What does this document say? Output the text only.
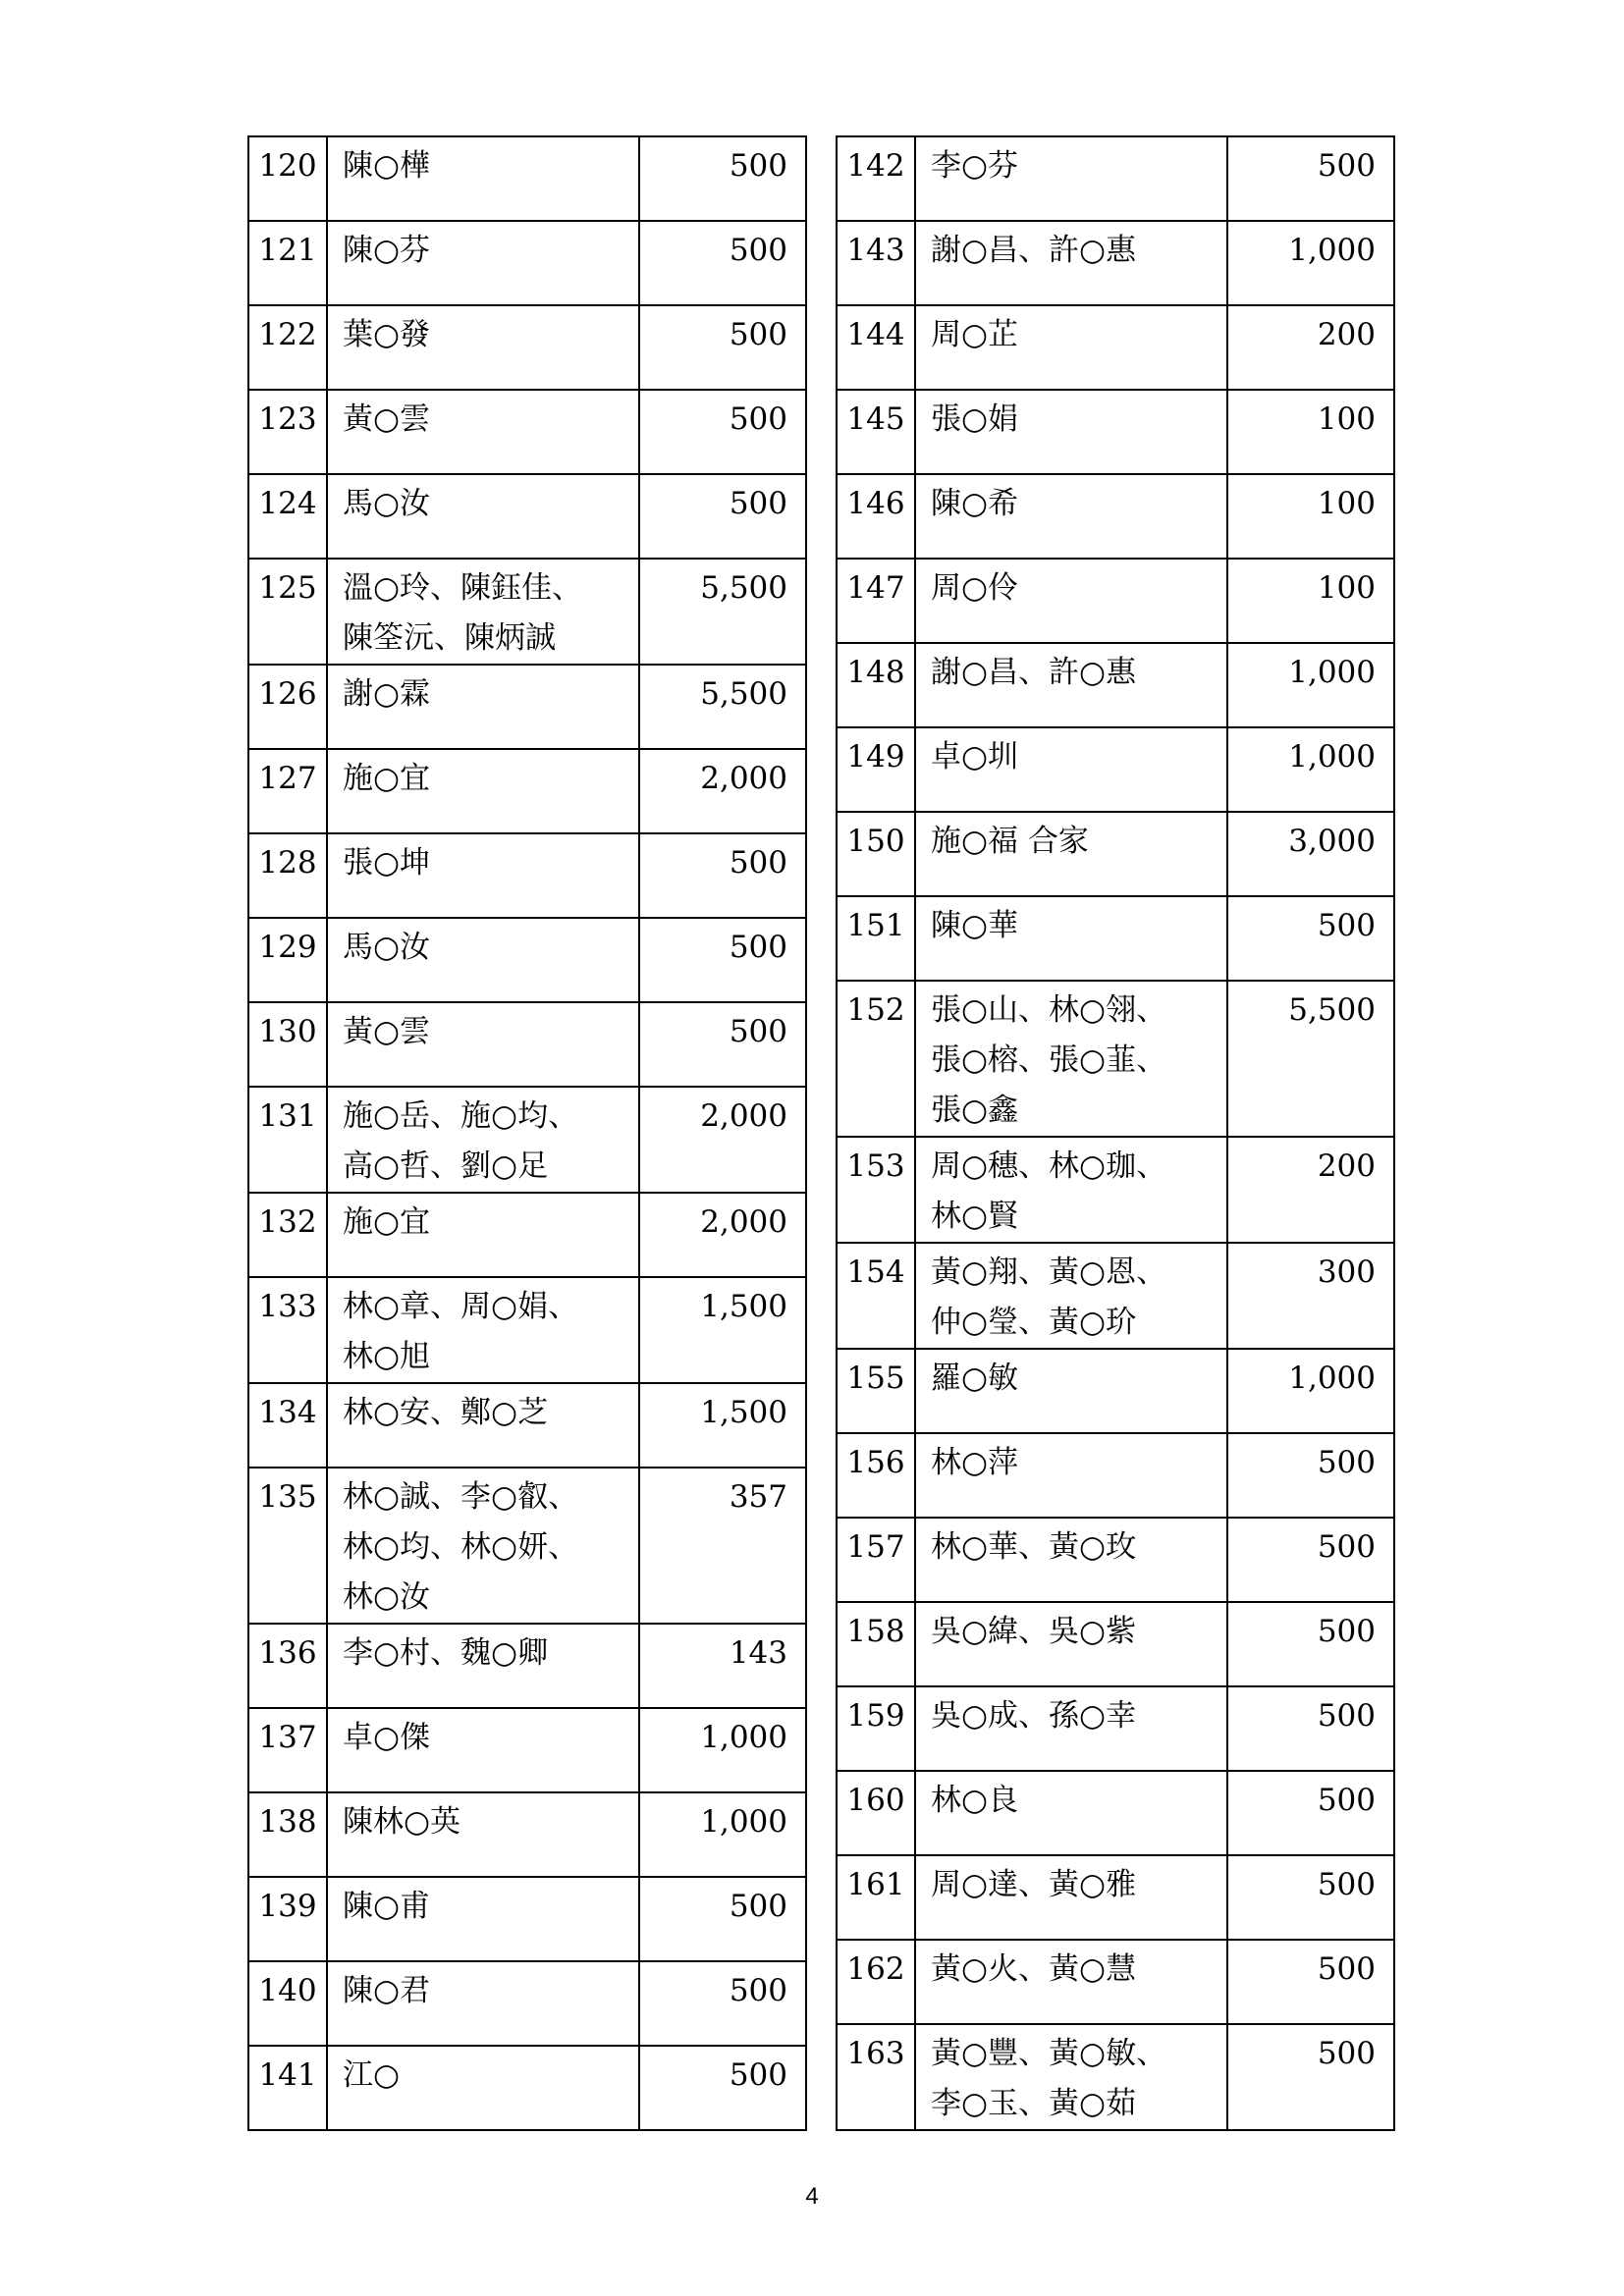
120	陳○樺	500
121	陳○芬	500
122	葉○發	500
123	黃○雲	500
124	馬○汝	500
125	溫○玲、陳鈺佳、
陳筌沅、陳炳誠	5,500
126	謝○霖	5,500
127	施○宜	2,000
128	張○坤	500
129	馬○汝	500
130	黃○雲	500
131	施○岳、施○均、
高○哲、劉○足	2,000
132	施○宜	2,000
133	林○章、周○娟、
林○旭	1,500
134	林○安、鄭○芝	1,500
135	林○誠、李○叡、
林○均、林○妍、
林○汝	357
136	李○村、魏○卿	143
137	卓○傑	1,000
138	陳林○英	1,000
139	陳○甫	500
140	陳○君	500
141	江○	500
142	李○芬	500
143	謝○昌、許○惠	1,000
144	周○芷	200
145	張○娟	100
146	陳○希	100
147	周○伶	100
148	謝○昌、許○惠	1,000
149	卓○圳	1,000
150	施○福 合家	3,000
151	陳○華	500
152	張○山、林○翎、
張○榕、張○韮、
張○鑫	5,500
153	周○穗、林○珈、
林○賢	200
154	黃○翔、黃○恩、
仲○瑩、黃○玠	300
155	羅○敏	1,000
156	林○萍	500
157	林○華、黃○玫	500
158	吳○緯、吳○紫	500
159	吳○成、孫○幸	500
160	林○良	500
161	周○達、黃○雅	500
162	黃○火、黃○慧	500
163	黃○豐、黃○敏、
李○玉、黃○茹	500
4
